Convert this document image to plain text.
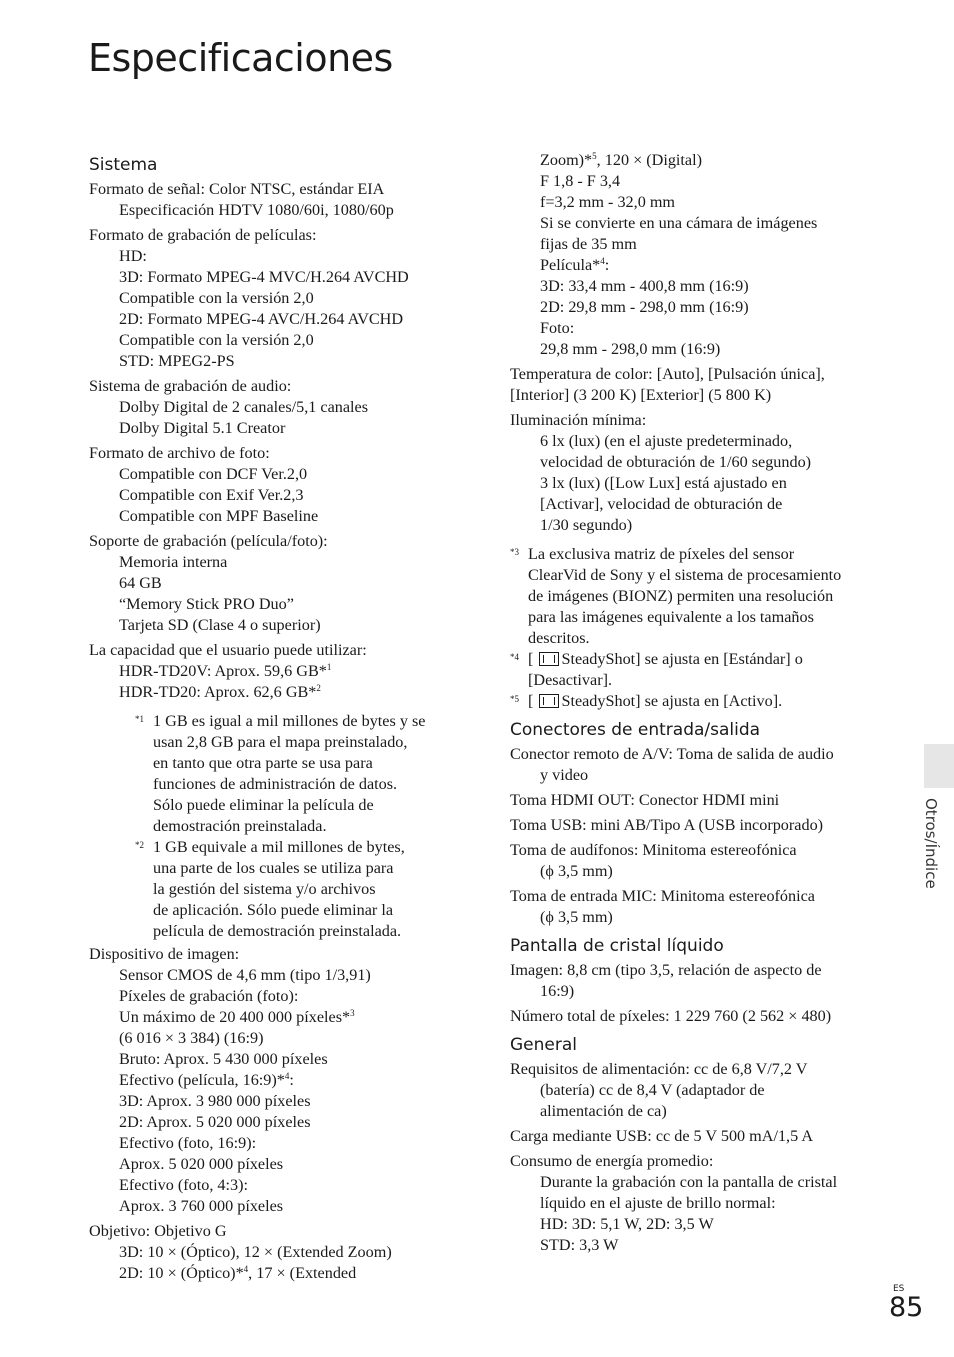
Especificaciones
Sistema
Formato de señal: Color NTSC, estándar EIA
Especificación HDTV 1080/60i, 1080/60p
Formato de grabación de películas:
HD:
3D: Formato MPEG-4 MVC/H.264 AVCHD
Compatible con la versión 2,0
2D: Formato MPEG-4 AVC/H.264 AVCHD
Compatible con la versión 2,0
STD: MPEG2-PS
Sistema de grabación de audio:
Dolby Digital de 2 canales/5,1 canales
Dolby Digital 5.1 Creator
Formato de archivo de foto:
Compatible con DCF Ver.2,0
Compatible con Exif Ver.2,3
Compatible con MPF Baseline
Soporte de grabación (película/foto):
Memoria interna
64 GB
“Memory Stick PRO Duo”
Tarjeta SD (Clase 4 o superior)
La capacidad que el usuario puede utilizar:
HDR-TD20V: Aprox. 59,6 GB*$^1$
HDR-TD20: Aprox. 62,6 GB*$^2$
*1 1 GB es igual a mil millones de bytes y se
usan 2,8 GB para el mapa preinstalado,
en tanto que otra parte se usa para
funciones de administración de datos.
Sólo puede eliminar la película de
demostración preinstalada.
*2 1 GB equivale a mil millones de bytes,
una parte de los cuales se utiliza para
la gestión del sistema y/o archivos
de aplicación. Sólo puede eliminar la
película de demostración preinstalada.
Dispositivo de imagen:
Sensor CMOS de 4,6 mm (tipo 1/3,91)
Píxeles de grabación (foto):
Un máximo de 20 400 000 píxeles*$^3$
(6 016 × 3 384) (16:9)
Bruto: Aprox. 5 430 000 píxeles
Efectivo (película, 16:9)*$^4$:
3D: Aprox. 3 980 000 píxeles
2D: Aprox. 5 020 000 píxeles
Efectivo (foto, 16:9):
Aprox. 5 020 000 píxeles
Efectivo (foto, 4:3):
Aprox. 3 760 000 píxeles
Objetivo: Objetivo G
3D: 10 × (Óptico), 12 × (Extended Zoom)
2D: 10 × (Óptico)*$^4$, 17 × (Extended
Zoom)*$^5$, 120 × (Digital)
F 1,8 - F 3,4
f=3,2 mm - 32,0 mm
Si se convierte en una cámara de imágenes
fijas de 35 mm
Película*$^4$:
3D: 33,4 mm - 400,8 mm (16:9)
2D: 29,8 mm - 298,0 mm (16:9)
Foto:
29,8 mm - 298,0 mm (16:9)
Temperatura de color: [Auto], [Pulsación única],
[Interior] (3 200 K) [Exterior] (5 800 K)
Iluminación mínima:
6 lx (lux) (en el ajuste predeterminado,
velocidad de obturación de 1/60 segundo)
3 lx (lux) ([Low Lux] está ajustado en
[Activar], velocidad de obturación de
1/30 segundo)
*3 La exclusiva matriz de píxeles del sensor
ClearVid de Sony y el sistema de procesamiento
de imágenes (BIONZ) permiten una resolución
para las imágenes equivalente a los tamaños
descritos.
*4 [ SteadyShot] se ajusta en [Estándar] o
[Desactivar].
*5 [ SteadyShot] se ajusta en [Activo].
Conectores de entrada/salida
Conector remoto de A/V: Toma de salida de audio
y video
Toma HDMI OUT: Conector HDMI mini
Toma USB: mini AB/Tipo A (USB incorporado)
Toma de audífonos: Minitoma estereofónica
(ϕ 3,5 mm)
Toma de entrada MIC: Minitoma estereofónica
(ϕ 3,5 mm)
Pantalla de cristal líquido
Imagen: 8,8 cm (tipo 3,5, relación de aspecto de
16:9)
Número total de píxeles: 1 229 760 (2 562 × 480)
General
Requisitos de alimentación: cc de 6,8 V/7,2 V
(batería) cc de 8,4 V (adaptador de
alimentación de ca)
Carga mediante USB: cc de 5 V 500 mA/1,5 A
Consumo de energía promedio:
Durante la grabación con la pantalla de cristal
líquido en el ajuste de brillo normal:
HD: 3D: 5,1 W, 2D: 3,5 W
STD: 3,3 W
Otros/Índice
ES
85
